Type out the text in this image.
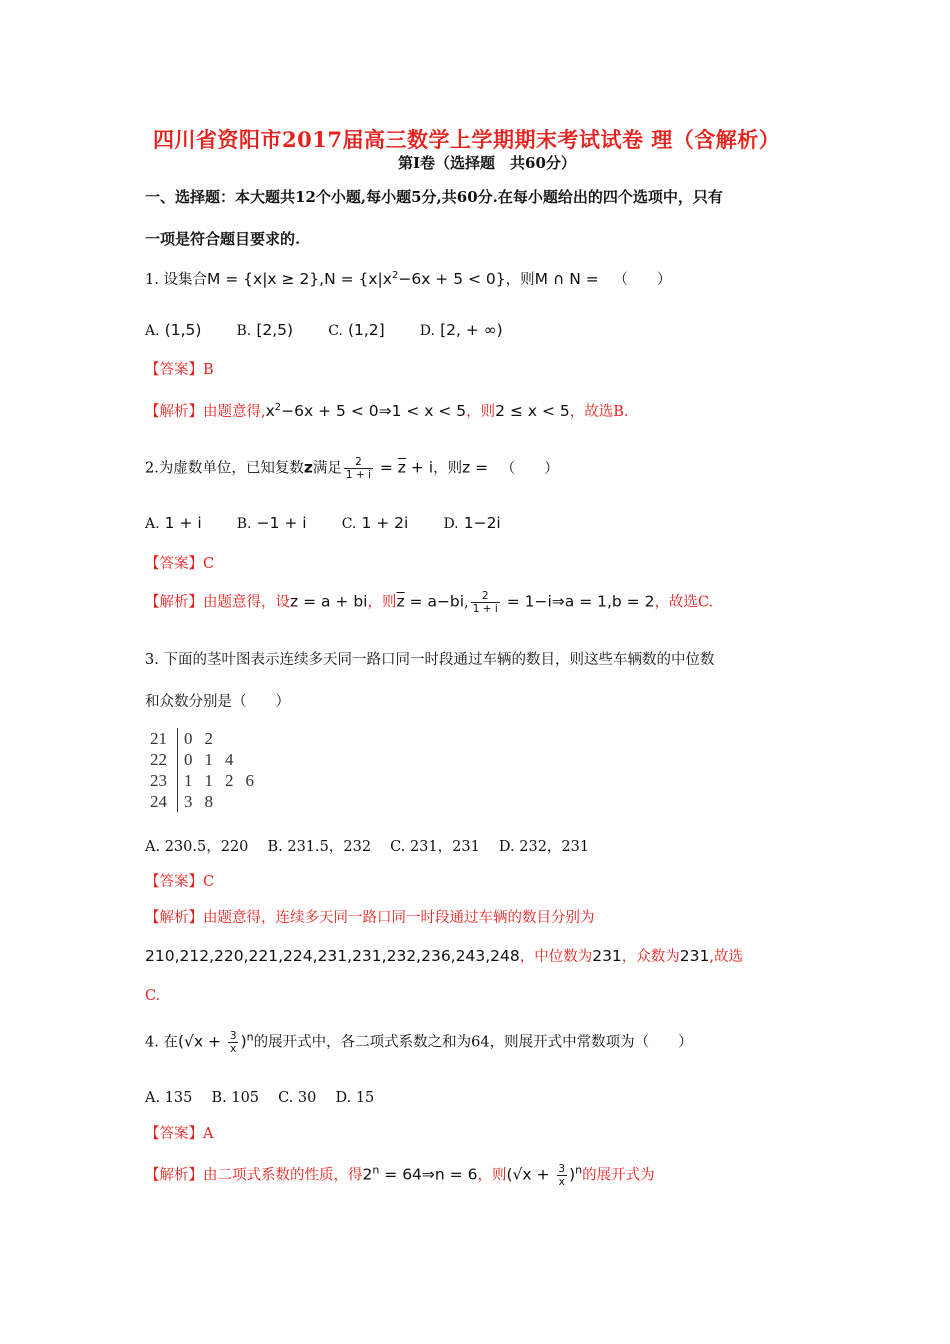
四川省资阳市2017届高三数学上学期期末考试试卷 理（含解析）
第Ⅰ卷（选择题　共60分）
一、选择题：本大题共12个小题,每小题5分,共60分.在每小题给出的四个选项中，只有
一项是符合题目要求的.
1. 设集合$M = \{x|x \ge 2\},N = \{x|x^2-6x + 5 < 0\}$，则M ∩ N = （　　）
A. (1,5)	B. [2,5)	C. (1,2]	D. [2, + ∞)
【答案】B
【解析】由题意得$,x^2-6x + 5$ < 0⇒1 < x < 5，则2 ≤ x < 5，故选B.
2.为虚数单位，已知复数z满足 $\frac{2}{1 + i} = \overline{z} + i$，则z = （　　）
A. 1 + i	B. −1 + i	C. 1 + 2i	D. 1−2i
【答案】C
【解析】由题意得，设z = a + bi，则$\overline{z} = a-bi$, $\frac{2}{1 + i}$ = 1−i⇒a = 1,b = 2，故选C.
3. 下面的茎叶图表示连续多天同一路口同一时段通过车辆的数目，则这些车辆数的中位数
和众数分别是（　　）
21	0	2		
22	0	1	4	
23	1	1	2	6
24	3	8		
A. 230.5，220　 B. 231.5，232　 C. 231，231　 D. 232，231
【答案】C
【解析】由题意得，连续多天同一路口同一时段通过车辆的数目分别为
210,212,220,221,224,231,231,232,236,243,248，中位数为231，众数为231,故选
C.
4. 在$(√x + \frac{3}{x} )^n$的展开式中，各二项式系数之和为64，则展开式中常数项为（　　）
A. 135　 B. 105　 C. 30　 D. 15
【答案】A
【解析】由二项式系数的性质，得$2^n$ = 64⇒n = 6，则$(√x + \frac{3}{x} )^n$的展开式为
